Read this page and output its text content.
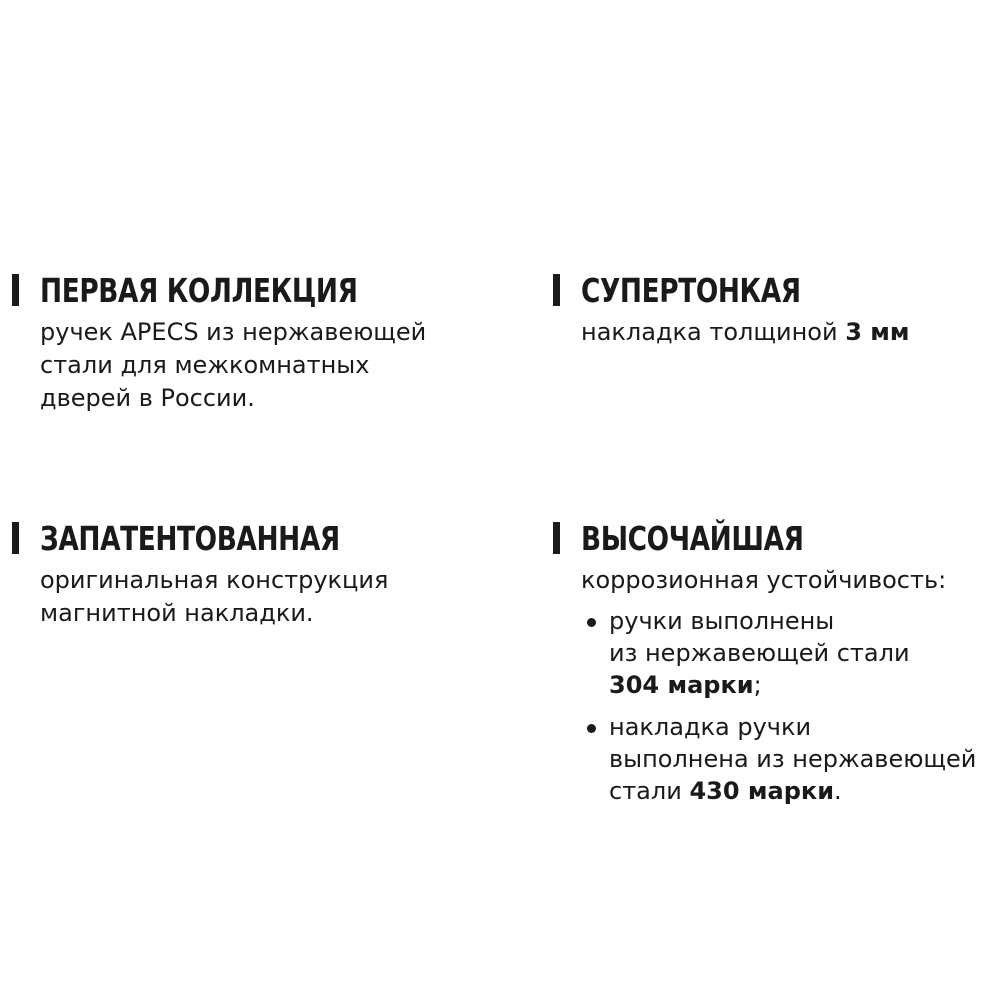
ПЕРВАЯ КОЛЛЕКЦИЯ
ручек APECS из нержавеющей
стали для межкомнатных
дверей в России.
СУПЕРТОНКАЯ
накладка толщиной 3 мм
ЗАПАТЕНТОВАННАЯ
оригинальная конструкция
магнитной накладки.
ВЫСОЧАЙШАЯ
коррозионная устойчивость:
ручки выполнены
из нержавеющей стали
304 марки;
накладка ручки
выполнена из нержавеющей
стали 430 марки.
